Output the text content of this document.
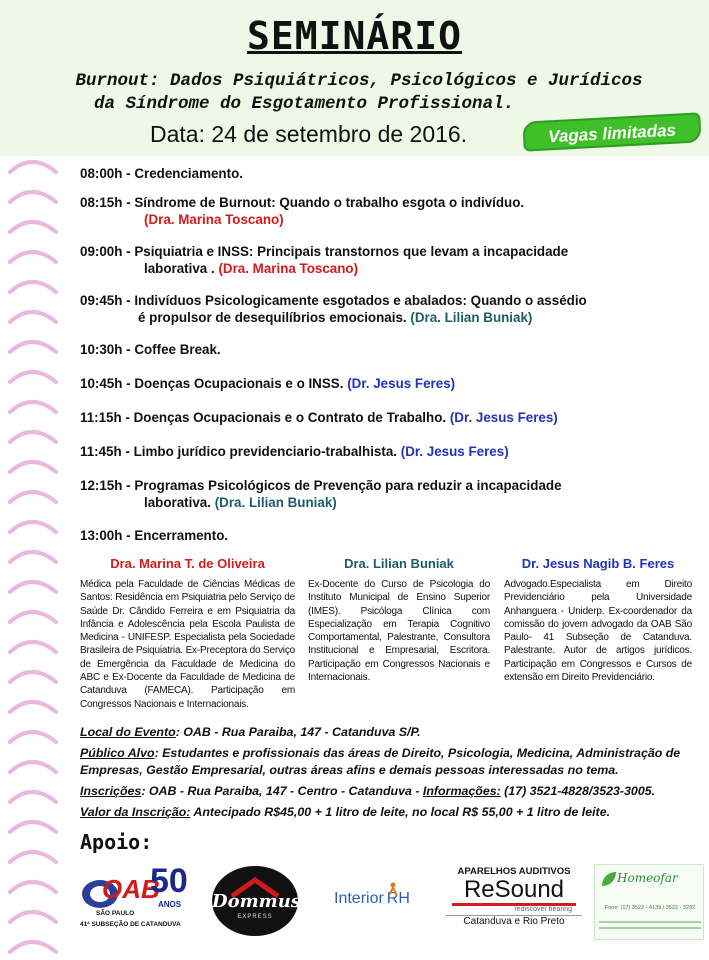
SEMINÁRIO
Burnout: Dados Psiquiátricos, Psicológicos e Jurídicos
da Síndrome do Esgotamento Profissional.
Data: 24 de setembro de 2016.	Vagas limitadas
08:00h - Credenciamento.
08:15h - Síndrome de Burnout: Quando o trabalho esgota o indivíduo.
(Dra. Marina Toscano)
09:00h - Psiquiatria e INSS: Principais transtornos que levam a incapacidade
laborativa . (Dra. Marina Toscano)
09:45h - Indivíduos Psicologicamente esgotados e abalados: Quando o assédio
é propulsor de desequilíbrios emocionais. (Dra. Lilian Buniak)
10:30h - Coffee Break.
10:45h - Doenças Ocupacionais e o INSS. (Dr. Jesus Feres)
11:15h - Doenças Ocupacionais e o Contrato de Trabalho. (Dr. Jesus Feres)
11:45h - Limbo jurídico previdenciario-trabalhista. (Dr. Jesus Feres)
12:15h - Programas Psicológicos de Prevenção para reduzir a incapacidade
laborativa. (Dra. Lilian Buniak)
13:00h - Encerramento.
Dra. Marina T. de Oliveira
Médica pela Faculdade de Ciências Médicas de Santos: Residência em Psiquiatria pelo Serviço de Saúde Dr. Cândido Ferreira e em Psiquiatria da Infância e Adolescência pela Escola Paulista de Medicina - UNIFESP. Especialista pela Sociedade Brasileira de Psiquiatria. Ex-Preceptora do Serviço de Emergência da Faculdade de Medicina do ABC e Ex-Docente da Faculdade de Medicina de Catanduva (FAMECA). Participação em Congressos Nacionais e Internacionais.
Dra. Lilian Buniak
Ex-Docente do Curso de Psicologia do Instituto Municipal de Ensino Superior (IMES). Psicóloga Clínica com Especialização em Terapia Cognitivo Comportamental, Palestrante, Consultora Institucional e Empresarial, Escritora. Participação em Congressos Nacionais e Internacionais.
Dr. Jesus Nagib B. Feres
Advogado.Especialista em Direito Previdenciário pela Universidade Anhanguera - Uniderp. Ex-coordenador da comissão do jovem advogado da OAB São Paulo- 41 Subseção de Catanduva. Palestrante. Autor de artigos jurídicos. Participação em Congressos e Cursos de extensão em Direito Previdenciário.

Local do Evento: OAB - Rua Paraiba, 147 - Catanduva S/P.

Público Alvo: Estudantes e profissionais das áreas de Direito, Psicologia, Medicina, Administração de Empresas, Gestão Empresarial, outras áreas afins e demais pessoas interessadas no tema.

Inscrições: OAB - Rua Paraiba, 147 - Centro - Catanduva - Informações: (17) 3521-4828/3523-3005.

Valor da Inscrição: Antecipado R$45,00 + 1 litro de leite, no local R$ 55,00 + 1 litro de leite.

Apoio:
OAB
50
ANOS
SÃO PAULO
41ª SUBSEÇÃO DE CATANDUVA
Dommus
EXPRESS
Interior RH
APARELHOS AUDITIVOS
ReSound
rediscover hearing
Catanduva e Rio Preto
Homeofar
Fone: (17) 3522 - 4139 / 3522 - 3292
